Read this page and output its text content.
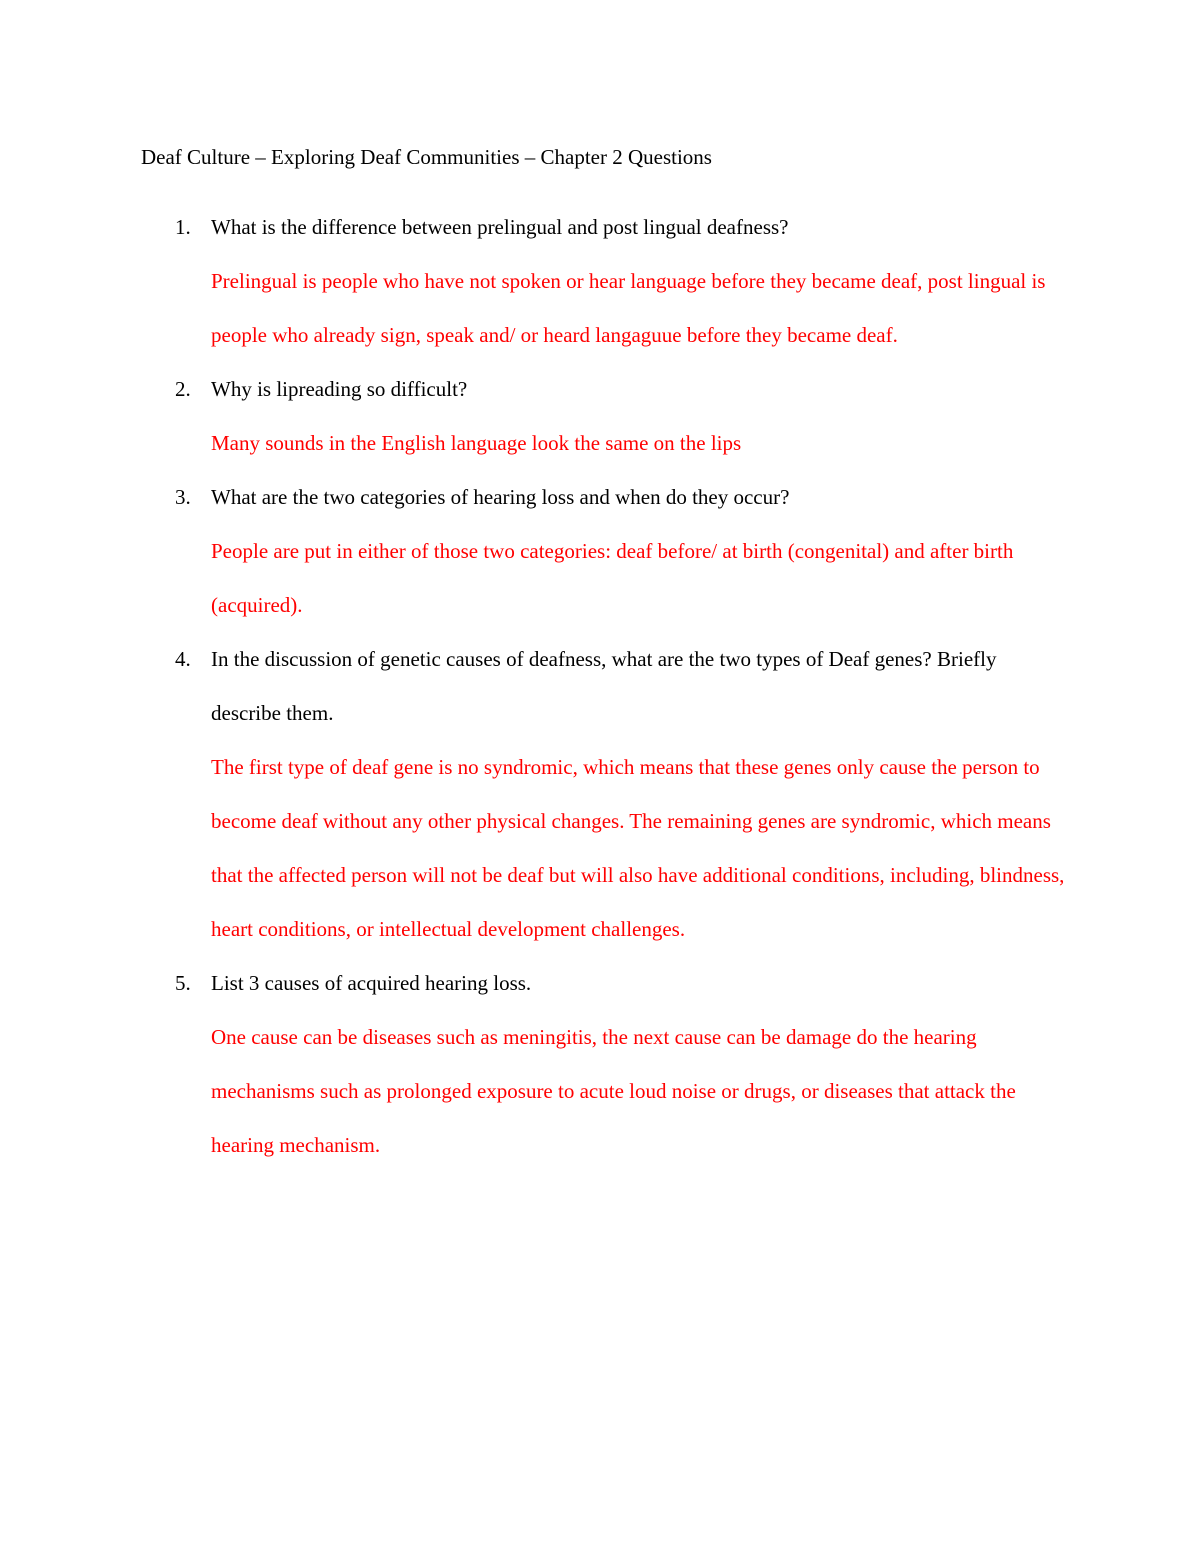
Deaf Culture – Exploring Deaf Communities – Chapter 2 Questions
1. What is the difference between prelingual and post lingual deafness?
Prelingual is people who have not spoken or hear language before they became deaf, post lingual is people who already sign, speak and/ or heard langaguue before they became deaf.
2. Why is lipreading so difficult?
Many sounds in the English language look the same on the lips
3. What are the two categories of hearing loss and when do they occur?
People are put in either of those two categories: deaf before/ at birth (congenital) and after birth (acquired).
4. In the discussion of genetic causes of deafness, what are the two types of Deaf genes? Briefly describe them.
The first type of deaf gene is no syndromic, which means that these genes only cause the person to become deaf without any other physical changes. The remaining genes are syndromic, which means that the affected person will not be deaf but will also have additional conditions, including, blindness, heart conditions, or intellectual development challenges.
5. List 3 causes of acquired hearing loss.
One cause can be diseases such as meningitis, the next cause can be damage do the hearing mechanisms such as prolonged exposure to acute loud noise or drugs, or diseases that attack the hearing mechanism.
